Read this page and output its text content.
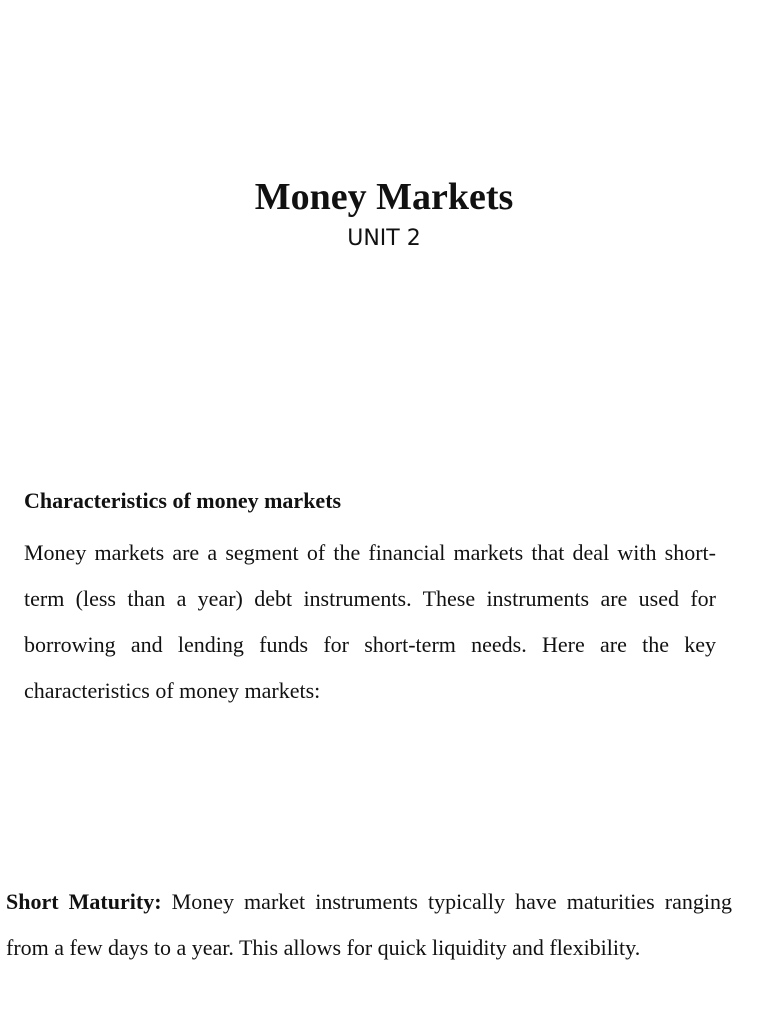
Money Markets
UNIT 2
Characteristics of money markets

Money markets are a segment of the financial markets that deal with short-term (less than a year) debt instruments. These instruments are used for borrowing and lending funds for short-term needs. Here are the key characteristics of money markets:

Short Maturity: Money market instruments typically have maturities ranging from a few days to a year. This allows for quick liquidity and flexibility.
